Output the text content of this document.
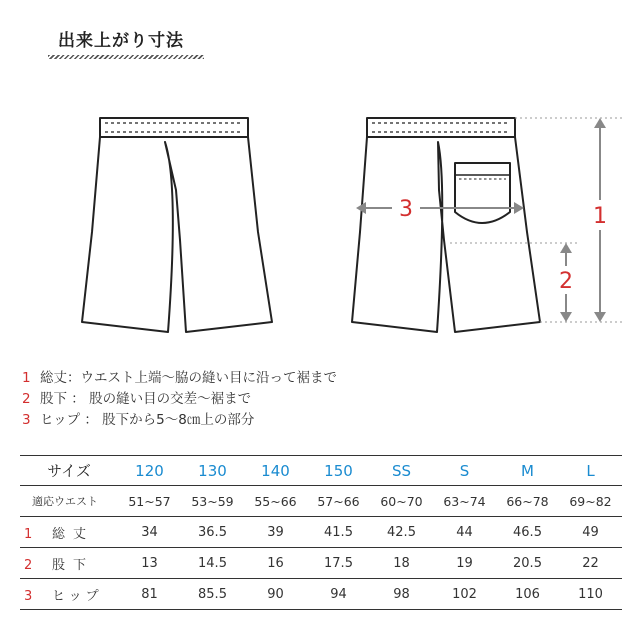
出来上がり寸法
3	1
2
1 総丈：ウエスト上端〜脇の縫い目に沿って裾まで
2 股下 ： 股の縫い目の交差〜裾まで
3 ヒップ ： 股下から5〜8㎝上の部分
サイズ	120	130	140	150	SS	S	M	L
適応ウエスト	51~57	53~59	55~66	57~66	60~70	63~74	66~78	69~82
1 総丈	34	36.5	39	41.5	42.5	44	46.5	49
2 股下	13	14.5	16	17.5	18	19	20.5	22
3 ヒップ	81	85.5	90	94	98	102	106	110
